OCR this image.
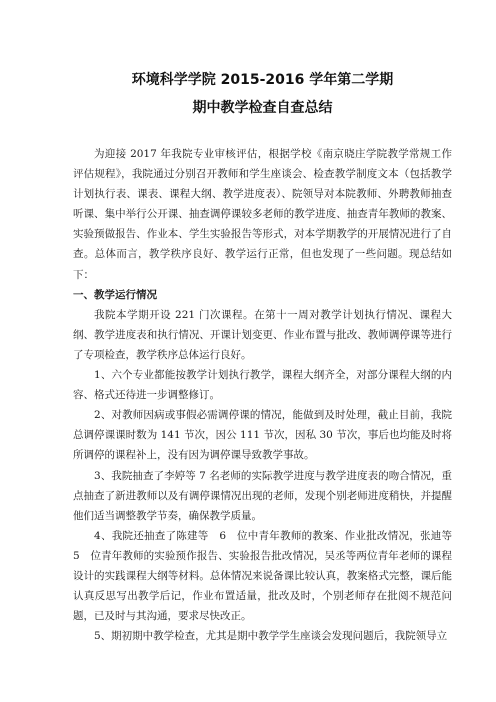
环境科学学院 2015-2016 学年第二学期
期中教学检查自查总结

为迎接 2017 年我院专业审核评估，根据学校《南京晓庄学院教学常规工作评估规程》，我院通过分别召开教师和学生座谈会、检查教学制度文本（包括教学计划执行表、课表、课程大纲、教学进度表）、院领导对本院教师、外聘教师抽查听课、集中举行公开课、抽查调停课较多老师的教学进度、抽查青年教师的教案、实验预做报告、作业本、学生实验报告等形式，对本学期教学的开展情况进行了自查。总体而言，教学秩序良好、教学运行正常，但也发现了一些问题。现总结如下：

一、教学运行情况

我院本学期开设 221 门次课程。在第十一周对教学计划执行情况、课程大纲、教学进度表和执行情况、开课计划变更、作业布置与批改、教师调停课等进行了专项检查，教学秩序总体运行良好。

1、六个专业都能按教学计划执行教学，课程大纲齐全，对部分课程大纲的内容、格式还待进一步调整修订。

2、对教师因病或事假必需调停课的情况，能做到及时处理，截止目前，我院总调停课课时数为 141 节次，因公 111 节次，因私 30 节次，事后也均能及时将所调停的课程补上，没有因为调停课导致教学事故。

3、我院抽查了李婷等 7 名老师的实际教学进度与教学进度表的吻合情况，重点抽查了新进教师以及有调停课情况出现的老师，发现个别老师进度稍快，并提醒他们适当调整教学节奏，确保教学质量。

4、我院还抽查了陈建等　6　位中青年教师的教案、作业批改情况，张迪等　5　位青年教师的实验预作报告、实验报告批改情况，吴丞等两位青年老师的课程设计的实践课程大纲等材料。总体情况来说备课比较认真，教案格式完整，课后能认真反思写出教学后记，作业布置适量，批改及时，个别老师存在批阅不规范问题，已及时与其沟通，要求尽快改正。

5、期初期中教学检查，尤其是期中教学学生座谈会发现问题后，我院领导立
